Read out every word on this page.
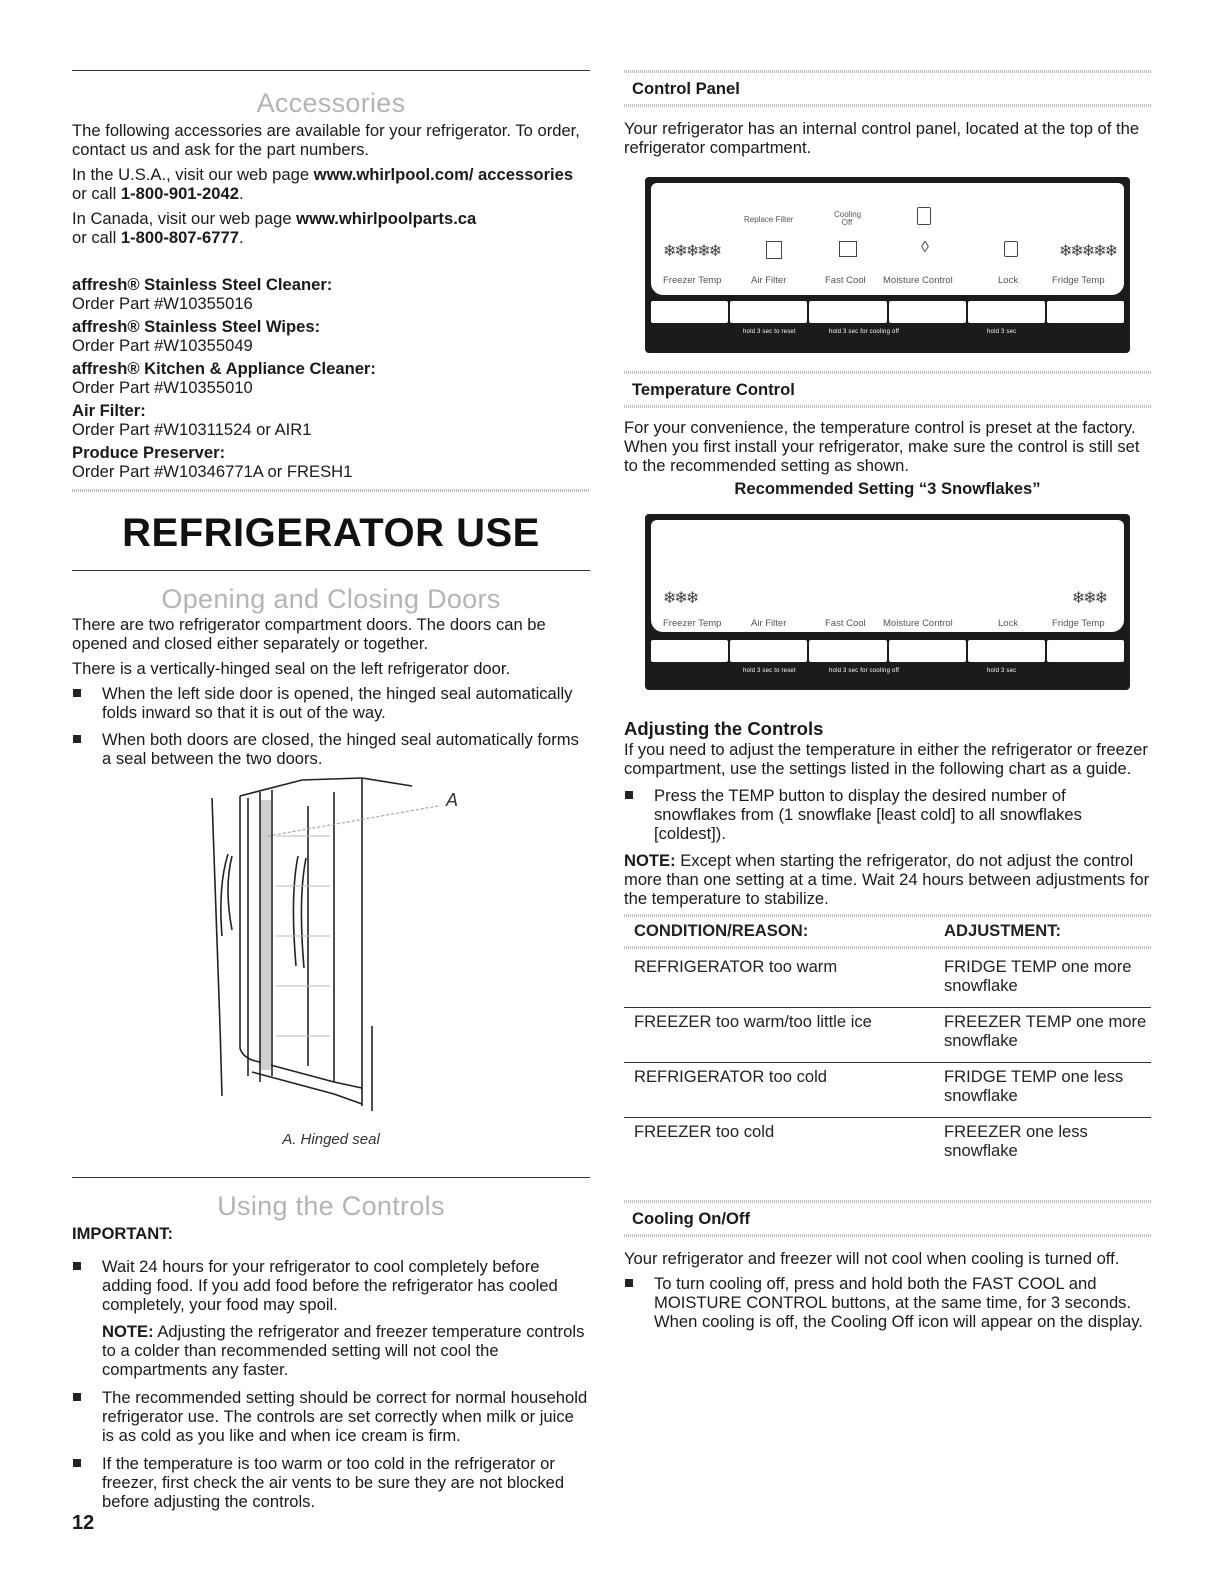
Accessories

The following accessories are available for your refrigerator. To order, contact us and ask for the part numbers.

In the U.S.A., visit our web page www.whirlpool.com/ accessories or call 1-800-901-2042.

In Canada, visit our web page www.whirlpoolparts.ca
or call 1-800-807-6777.

affresh® Stainless Steel Cleaner:

Order Part #W10355016

affresh® Stainless Steel Wipes:

Order Part #W10355049

affresh® Kitchen & Appliance Cleaner:

Order Part #W10355010

Air Filter:

Order Part #W10311524 or AIR1

Produce Preserver:

Order Part #W10346771A or FRESH1

REFRIGERATOR USE
Opening and Closing Doors

There are two refrigerator compartment doors. The doors can be opened and closed either separately or together.

There is a vertically-hinged seal on the left refrigerator door.

When the left side door is opened, the hinged seal automatically folds inward so that it is out of the way.

When both doors are closed, the hinged seal automatically forms a seal between the two doors.

A

A. Hinged seal

Using the Controls

IMPORTANT:

Wait 24 hours for your refrigerator to cool completely before adding food. If you add food before the refrigerator has cooled completely, your food may spoil.

NOTE: Adjusting the refrigerator and freezer temperature controls to a colder than recommended setting will not cool the compartments any faster.

The recommended setting should be correct for normal household refrigerator use. The controls are set correctly when milk or juice is as cold as you like and when ice cream is firm.

If the temperature is too warm or too cold in the refrigerator or freezer, first check the air vents to be sure they are not blocked before adjusting the controls.

12
Control Panel

Your refrigerator has an internal control panel, located at the top of the refrigerator compartment.

Replace Filter
Cooling Off
❄❄❄❄❄	◊	❄❄❄❄❄
Freezer Temp	Air Filter	Fast Cool Moisture Control	Lock	Fridge Temp
hold 3 sec to reset	hold 3 sec for cooling off	hold 3 sec
Temperature Control

For your convenience, the temperature control is preset at the factory. When you first install your refrigerator, make sure the control is still set to the recommended setting as shown.

Recommended Setting “3 Snowflakes”

❄❄❄	❄❄❄
Freezer Temp	Air Filter	Fast Cool Moisture Control	Lock	Fridge Temp
hold 3 sec to reset	hold 3 sec for cooling off	hold 3 sec

Adjusting the Controls

If you need to adjust the temperature in either the refrigerator or freezer compartment, use the settings listed in the following chart as a guide.

Press the TEMP button to display the desired number of snowflakes from (1 snowflake [least cold] to all snowflakes [coldest]).

NOTE: Except when starting the refrigerator, do not adjust the control more than one setting at a time. Wait 24 hours between adjustments for the temperature to stabilize.

CONDITION/REASON:	ADJUSTMENT:
REFRIGERATOR too warm	FRIDGE TEMP one more snowflake
FREEZER too warm/too little ice	FREEZER TEMP one more snowflake
REFRIGERATOR too cold	FRIDGE TEMP one less snowflake
FREEZER too cold	FREEZER one less snowflake
Cooling On/Off

Your refrigerator and freezer will not cool when cooling is turned off.

To turn cooling off, press and hold both the FAST COOL and MOISTURE CONTROL buttons, at the same time, for 3 seconds. When cooling is off, the Cooling Off icon will appear on the display.
